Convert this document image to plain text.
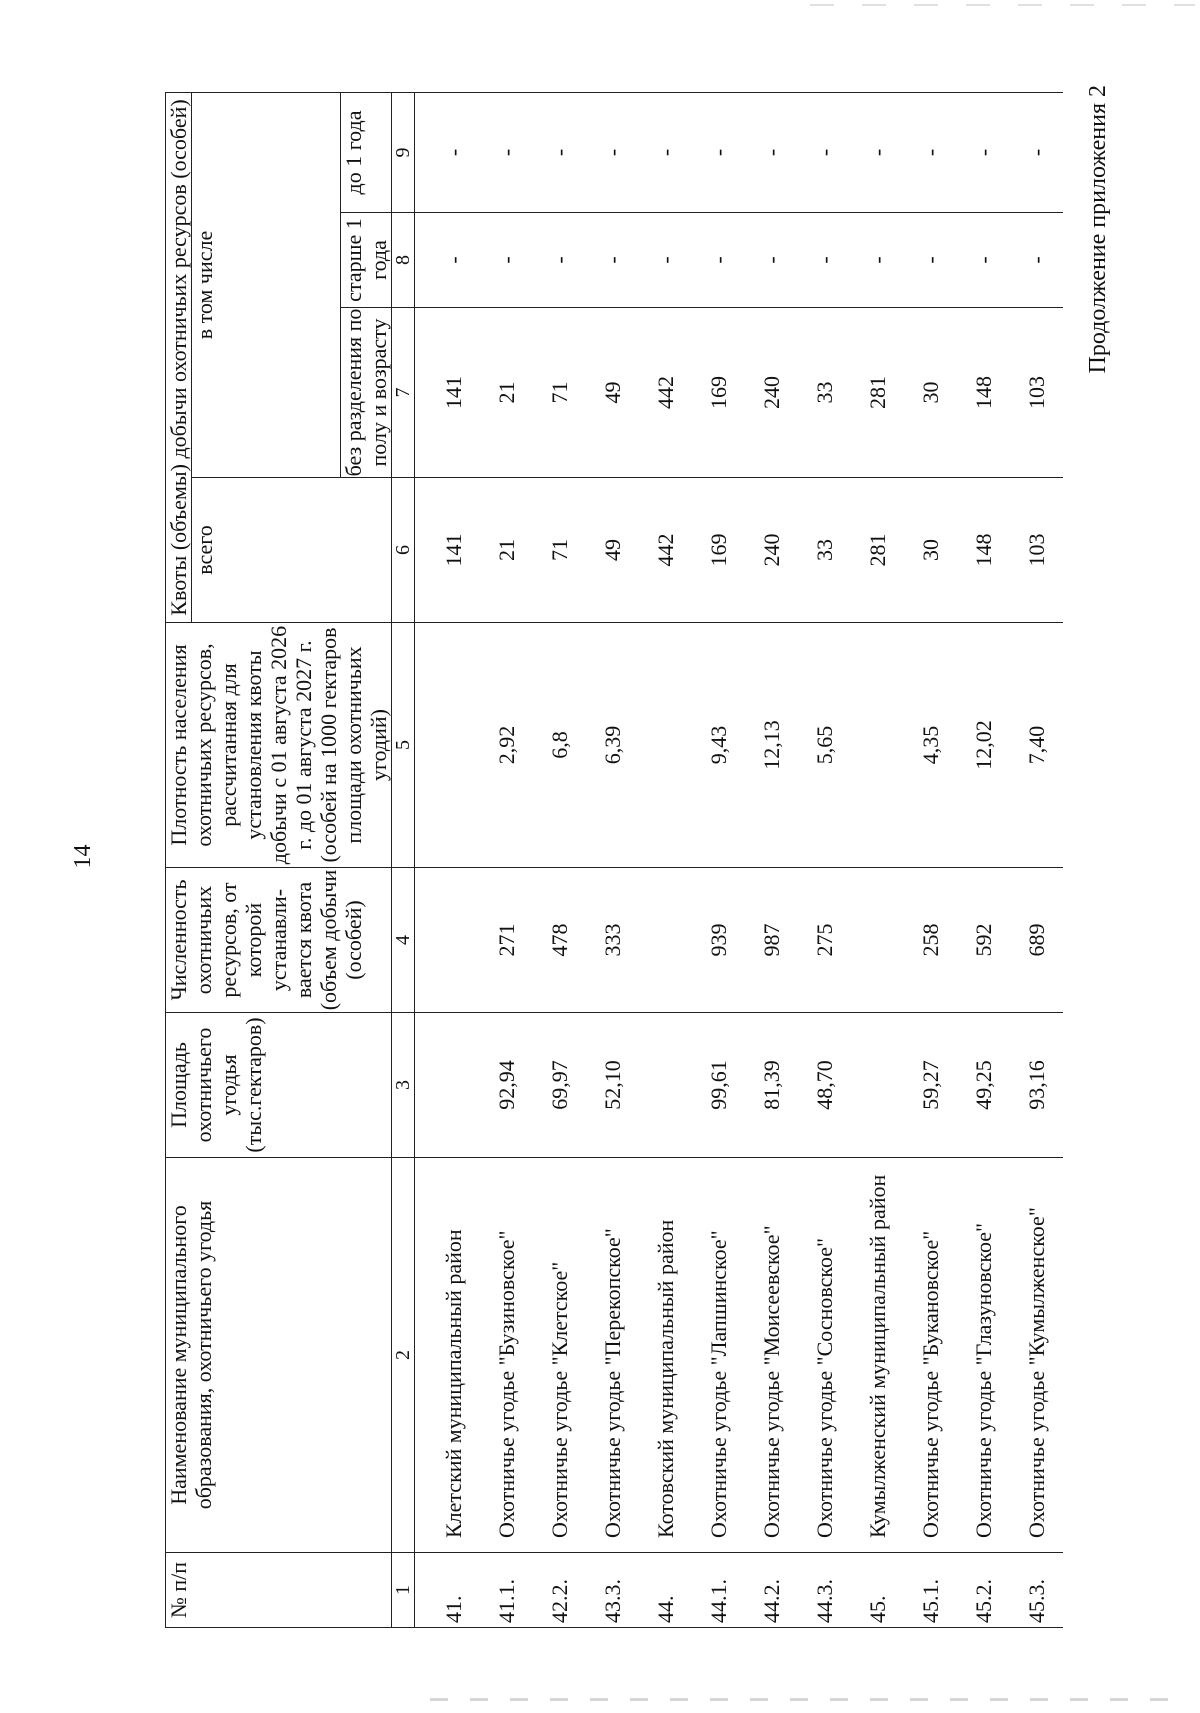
14
Продолжение приложения 2
№ п/п	Наименование муниципального образования, охотничьего угодья	Площадь охотничьего угодья (тыс.гектаров)	Численность охотничьих ресурсов, от которой устанавли-вается квота (объем добычи (особей)	Плотность населения охотничьих ресурсов, рассчитанная для установления квоты добычи с 01 августа 2026 г. до 01 августа 2027 г. (особей на 1000 гектаров площади охотничьих угодий)	Квоты (объемы) добычи охотничьих ресурсов (особей)			
					всего	в том числе		
						без разделения по полу и возрасту	старше 1 года	до 1 года
1	2	3	4	5	6	7	8	9
41.	Клетский муниципальный район				141	141	-	-
41.1.	Охотничье угодье "Бузиновское"	92,94	271	2,92	21	21	-	-
42.2.	Охотничье угодье "Клетское"	69,97	478	6,8	71	71	-	-
43.3.	Охотничье угодье "Перекопское"	52,10	333	6,39	49	49	-	-
44.	Котовский муниципальный район				442	442	-	-
44.1.	Охотничье угодье "Лапшинское"	99,61	939	9,43	169	169	-	-
44.2.	Охотничье угодье "Моисеевское"	81,39	987	12,13	240	240	-	-
44.3.	Охотничье угодье "Сосновское"	48,70	275	5,65	33	33	-	-
45.	Кумылженский муниципальный район				281	281	-	-
45.1.	Охотничье угодье "Букановское"	59,27	258	4,35	30	30	-	-
45.2.	Охотничье угодье "Глазуновское"	49,25	592	12,02	148	148	-	-
45.3.	Охотничье угодье "Кумылженское"	93,16	689	7,40	103	103	-	-
